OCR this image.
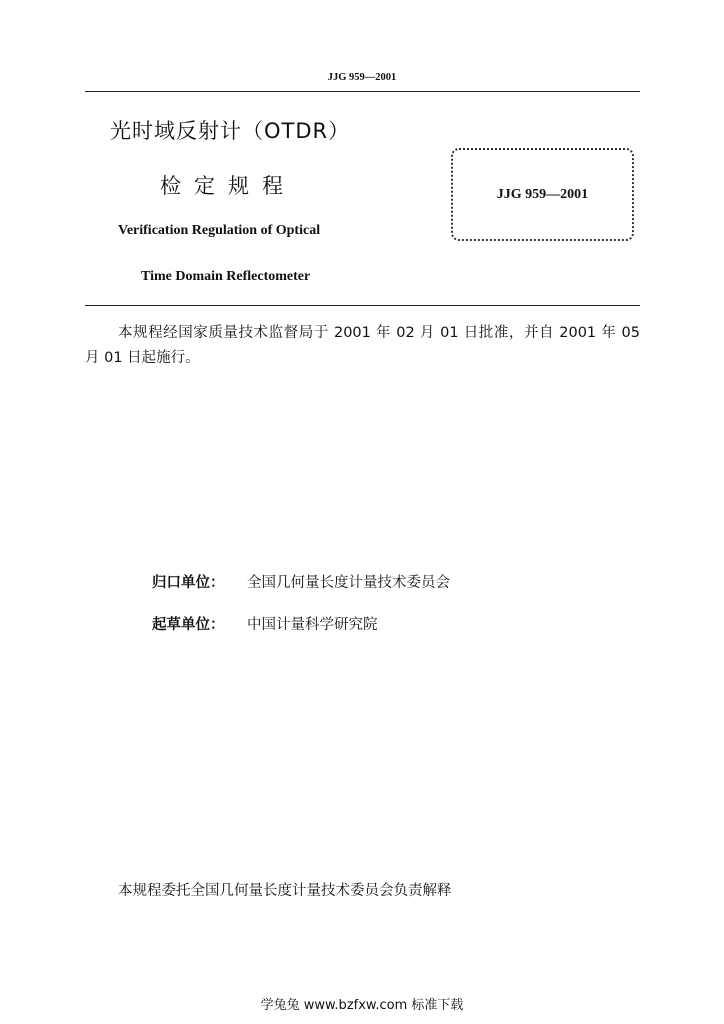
JJG 959—2001
光时域反射计（OTDR）
检定规程
Verification Regulation of Optical
Time Domain Reflectometer
JJG 959—2001
本规程经国家质量技术监督局于 2001 年 02 月 01 日批准，并自 2001 年 05 月 01 日起施行。
归口单位： 全国几何量长度计量技术委员会
起草单位： 中国计量科学研究院
本规程委托全国几何量长度计量技术委员会负责解释
学兔兔 www.bzfxw.com 标准下载
